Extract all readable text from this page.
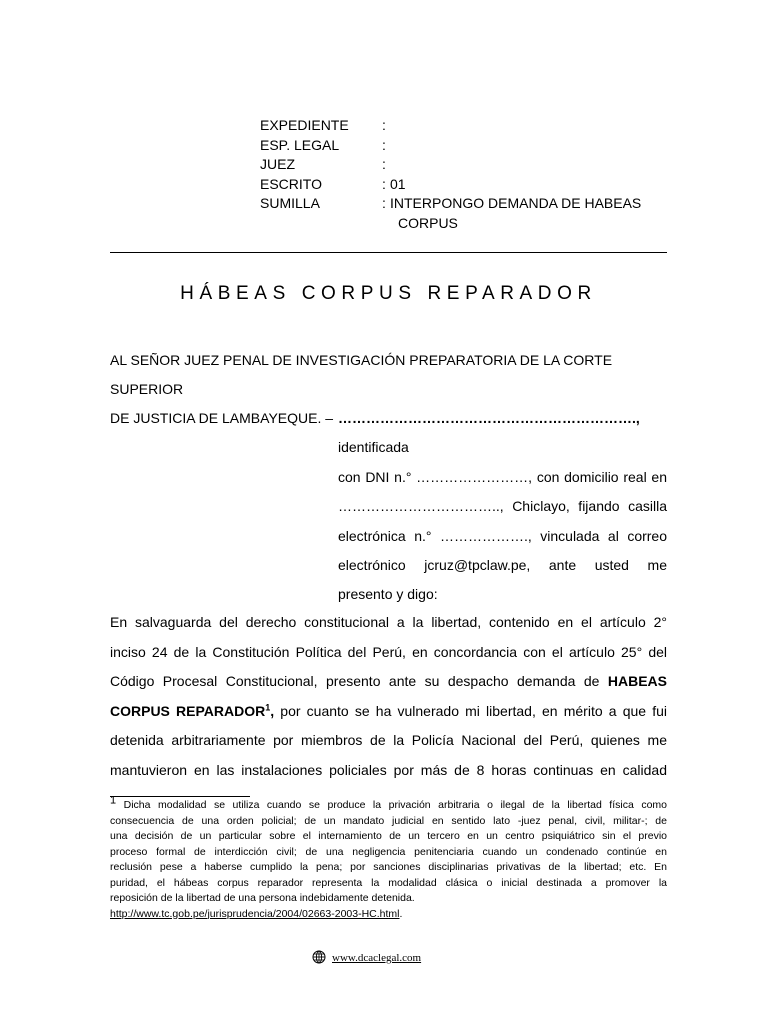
EXPEDIENTE	:
ESP. LEGAL	:
JUEZ	:
ESCRITO	: 01
SUMILLA	: INTERPONGO DEMANDA DE HABEAS
CORPUS
HÁBEAS CORPUS REPARADOR
AL SEÑOR JUEZ PENAL DE INVESTIGACIÓN PREPARATORIA DE LA CORTE SUPERIOR
DE JUSTICIA DE LAMBAYEQUE. – ………………………………………………………., identificada
con DNI n.° ……………………, con domicilio real en
…………………………….., Chiclayo, fijando casilla
electrónica n.° ………………., vinculada al correo
electrónico jcruz@tpclaw.pe, ante usted me
presento y digo:
En salvaguarda del derecho constitucional a la libertad, contenido en el artículo 2°
inciso 24 de la Constitución Política del Perú, en concordancia con el artículo 25° del
Código Procesal Constitucional, presento ante su despacho demanda de HABEAS
CORPUS REPARADOR$^1$, por cuanto se ha vulnerado mi libertad, en mérito a que fui
detenida arbitrariamente por miembros de la Policía Nacional del Perú, quienes me
mantuvieron en las instalaciones policiales por más de 8 horas continuas en calidad
$^1$ Dicha modalidad se utiliza cuando se produce la privación arbitraria o ilegal de la libertad física como
consecuencia de una orden policial; de un mandato judicial en sentido lato -juez penal, civil, militar-; de
una decisión de un particular sobre el internamiento de un tercero en un centro psiquiátrico sin el previo
proceso formal de interdicción civil; de una negligencia penitenciaria cuando un condenado continúe en
reclusión pese a haberse cumplido la pena; por sanciones disciplinarias privativas de la libertad; etc. En
puridad, el hábeas corpus reparador representa la modalidad clásica o inicial destinada a promover la
reposición de la libertad de una persona indebidamente detenida.
http://www.tc.gob.pe/jurisprudencia/2004/02663-2003-HC.html.
www.dcaclegal.com
